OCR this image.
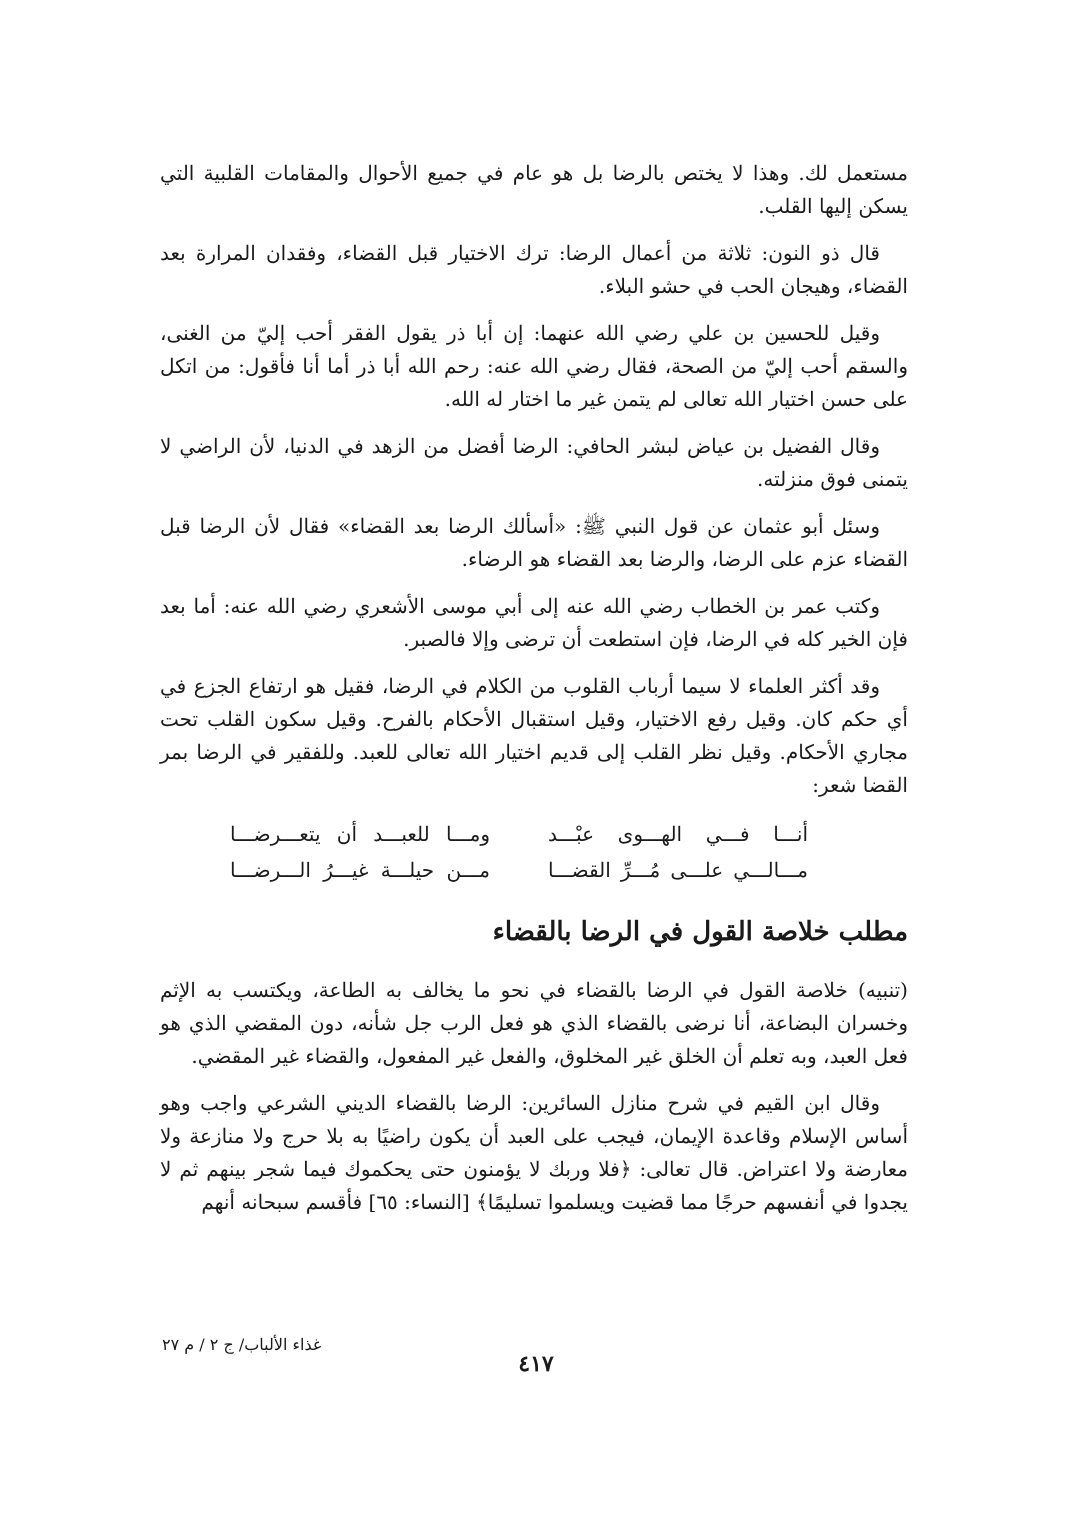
مستعمل لك. وهذا لا يختص بالرضا بل هو عام في جميع الأحوال والمقامات القلبية التي يسكن إليها القلب.

قال ذو النون: ثلاثة من أعمال الرضا: ترك الاختيار قبل القضاء، وفقدان المرارة بعد القضاء، وهيجان الحب في حشو البلاء.

وقيل للحسين بن علي رضي الله عنهما: إن أبا ذر يقول الفقر أحب إليّ من الغنى، والسقم أحب إليّ من الصحة، فقال رضي الله عنه: رحم الله أبا ذر أما أنا فأقول: من اتكل على حسن اختيار الله تعالى لم يتمن غير ما اختار له الله.

وقال الفضيل بن عياض لبشر الحافي: الرضا أفضل من الزهد في الدنيا، لأن الراضي لا يتمنى فوق منزلته.

وسئل أبو عثمان عن قول النبي ﷺ: «أسألك الرضا بعد القضاء» فقال لأن الرضا قبل القضاء عزم على الرضا، والرضا بعد القضاء هو الرضاء.

وكتب عمر بن الخطاب رضي الله عنه إلى أبي موسى الأشعري رضي الله عنه: أما بعد فإن الخير كله في الرضا، فإن استطعت أن ترضى وإلا فالصبر.

وقد أكثر العلماء لا سيما أرباب القلوب من الكلام في الرضا، فقيل هو ارتفاع الجزع في أي حكم كان. وقيل رفع الاختيار، وقيل استقبال الأحكام بالفرح. وقيل سكون القلب تحت مجاري الأحكام. وقيل نظر القلب إلى قديم اختيار الله تعالى للعبد. وللفقير في الرضا بمر القضا شعر:

أنـــا فـــي الهـــوى عبْـــد
ومـــا للعبـــد أن يتعـــرضـــا
مـــالـــي علـــى مُـــرِّ القضـــا
مـــن حيلـــة غيـــرُ الـــرضـــا
مطلب خلاصة القول في الرضا بالقضاء

(تنبيه) خلاصة القول في الرضا بالقضاء في نحو ما يخالف به الطاعة، ويكتسب به الإثم وخسران البضاعة، أنا نرضى بالقضاء الذي هو فعل الرب جل شأنه، دون المقضي الذي هو فعل العبد، وبه تعلم أن الخلق غير المخلوق، والفعل غير المفعول، والقضاء غير المقضي.

وقال ابن القيم في شرح منازل السائرين: الرضا بالقضاء الديني الشرعي واجب وهو أساس الإسلام وقاعدة الإيمان، فيجب على العبد أن يكون راضيًا به بلا حرج ولا منازعة ولا معارضة ولا اعتراض. قال تعالى: ﴿فلا وربك لا يؤمنون حتى يحكموك فيما شجر بينهم ثم لا يجدوا في أنفسهم حرجًا مما قضيت ويسلموا تسليمًا﴾ [النساء: ٦٥] فأقسم سبحانه أنهم

غذاء الألباب/ ج ٢ / م ٢٧
٤١٧
